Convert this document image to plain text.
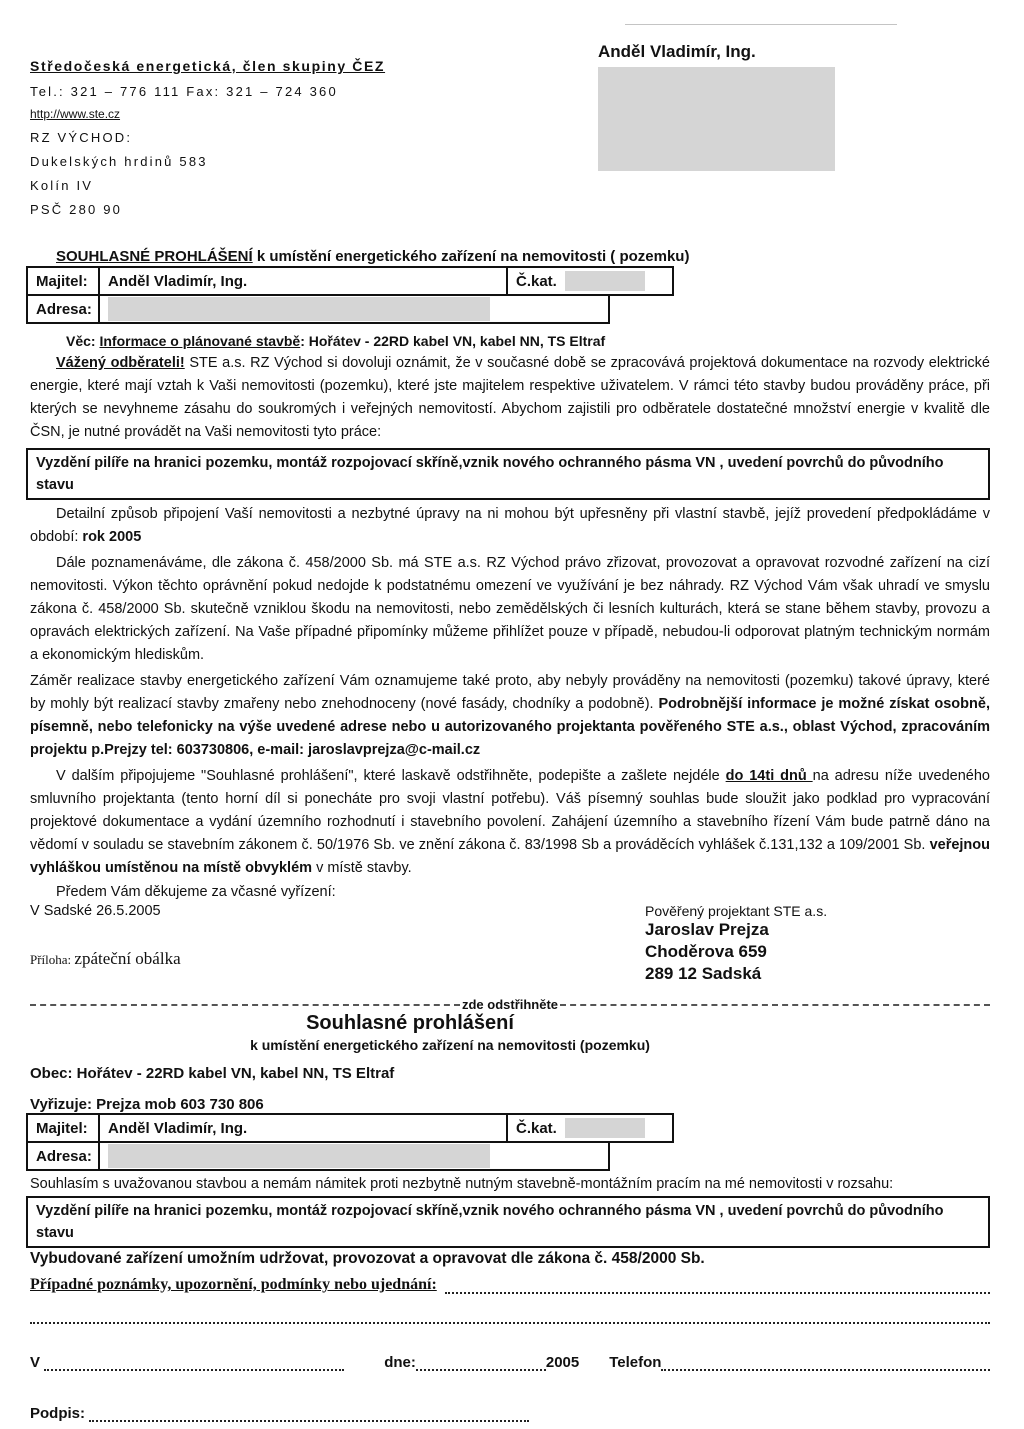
Středočeská energetická, člen skupiny ČEZ
Tel.: 321 – 776 111 Fax: 321 – 724 360
http://www.ste.cz
RZ VÝCHOD:
Dukelských hrdinů 583
Kolín IV
PSČ 280 90
Anděl Vladimír, Ing.
SOUHLASNÉ PROHLÁŠENÍ k umístění energetického zařízení na nemovitosti ( pozemku)
Majitel:	Anděl Vladimír, Ing.	Č.kat.
Adresa:
Věc: Informace o plánované stavbě: Hořátev - 22RD kabel VN, kabel NN, TS Eltraf

Vážený odběrateli! STE a.s. RZ Východ si dovoluji oznámit, že v současné době se zpracovává projektová dokumentace na rozvody elektrické energie, které mají vztah k Vaši nemovitosti (pozemku), které jste majitelem respektive uživatelem. V rámci této stavby budou prováděny práce, při kterých se nevyhneme zásahu do soukromých i veřejných nemovitostí. Abychom zajistili pro odběratele dostatečné množství energie v kvalitě dle ČSN, je nutné provádět na Vaši nemovitosti tyto práce:

Vyzdění pilíře na hranici pozemku, montáž rozpojovací skříně,vznik nového ochranného pásma VN , uvedení povrchů do původního stavu

Detailní způsob připojení Vaší nemovitosti a nezbytné úpravy na ni mohou být upřesněny při vlastní stavbě, jejíž provedení předpokládáme v období: rok 2005

Dále poznamenáváme, dle zákona č. 458/2000 Sb. má STE a.s. RZ Východ právo zřizovat, provozovat a opravovat rozvodné zařízení na cizí nemovitosti. Výkon těchto oprávnění pokud nedojde k podstatnému omezení ve využívání je bez náhrady. RZ Východ Vám však uhradí ve smyslu zákona č. 458/2000 Sb. skutečně vzniklou škodu na nemovitosti, nebo zemědělských či lesních kulturách, která se stane během stavby, provozu a opravách elektrických zařízení. Na Vaše případné připomínky můžeme přihlížet pouze v případě, nebudou-li odporovat platným technickým normám a ekonomickým hlediskům.

Záměr realizace stavby energetického zařízení Vám oznamujeme také proto, aby nebyly prováděny na nemovitosti (pozemku) takové úpravy, které by mohly být realizací stavby zmařeny nebo znehodnoceny (nové fasády, chodníky a podobně). Podrobnější informace je možné získat osobně, písemně, nebo telefonicky na výše uvedené adrese nebo u autorizovaného projektanta pověřeného STE a.s., oblast Východ, zpracováním projektu p.Prejzy tel: 603730806, e-mail: jaroslavprejza@c-mail.cz

V dalším připojujeme "Souhlasné prohlášení", které laskavě odstřihněte, podepište a zašlete nejdéle do 14ti dnů na adresu níže uvedeného smluvního projektanta (tento horní díl si ponecháte pro svoji vlastní potřebu). Váš písemný souhlas bude sloužit jako podklad pro vypracování projektové dokumentace a vydání územního rozhodnutí i stavebního povolení. Zahájení územního a stavebního řízení Vám bude patrně dáno na vědomí v souladu se stavebním zákonem č. 50/1976 Sb. ve znění zákona č. 83/1998 Sb a prováděcích vyhlášek č.131,132 a 109/2001 Sb. veřejnou vyhláškou umístěnou na místě obvyklém v místě stavby.

Předem Vám děkujeme za včasné vyřízení:
V Sadské 26.5.2005
Příloha: zpáteční obálka
Pověřený projektant STE a.s.
Jaroslav Prejza
Choděrova 659
289 12 Sadská
zde odstřihněte
Souhlasné prohlášení
k umístění energetického zařízení na nemovitosti (pozemku)
Obec: Hořátev - 22RD kabel VN, kabel NN, TS Eltraf
Vyřizuje: Prejza mob 603 730 806
Majitel:	Anděl Vladimír, Ing.	Č.kat.
Adresa:
Souhlasím s uvažovanou stavbou a nemám námitek proti nezbytně nutným stavebně-montážním pracím na mé nemovitosti v rozsahu:
Vyzdění pilíře na hranici pozemku, montáž rozpojovací skříně,vznik nového ochranného pásma VN , uvedení povrchů do původního stavu
Vybudované zařízení umožním udržovat, provozovat a opravovat dle zákona č. 458/2000 Sb.
Případné poznámky, upozornění, podmínky nebo ujednání:
V
	dne:	2005 Telefon
Podpis:
